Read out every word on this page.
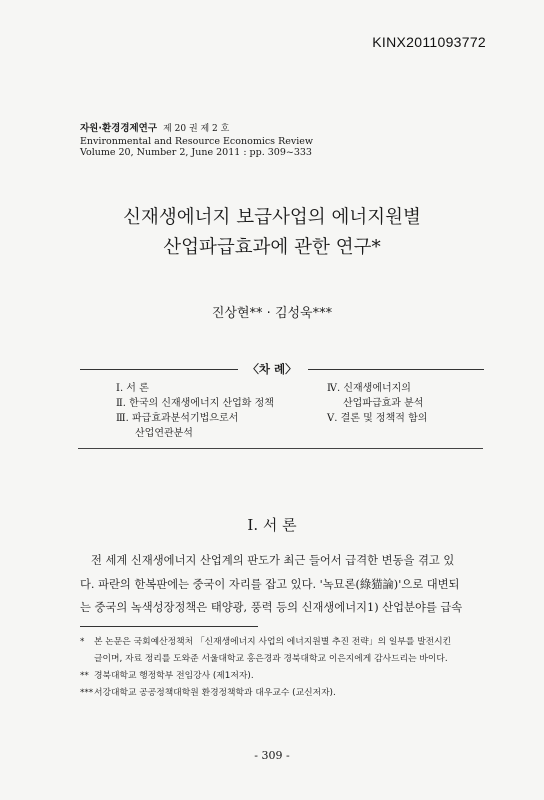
KINX2011093772
자원·환경경제연구 제 20 권 제 2 호
Environmental and Resource Economics Review
Volume 20, Number 2, June 2011 : pp. 309~333
신재생에너지 보급사업의 에너지원별
산업파급효과에 관한 연구*
진상현** · 김성욱***
〈차 례〉
Ⅰ. 서 론
Ⅱ. 한국의 신재생에너지 산업화 정책
Ⅲ. 파급효과분석기법으로서
산업연관분석
Ⅳ. 신재생에너지의
산업파급효과 분석
Ⅴ. 결론 및 정책적 함의
Ⅰ. 서 론

전 세계 신재생에너지 산업계의 판도가 최근 들어서 급격한 변동을 겪고 있

다. 파란의 한복판에는 중국이 자리를 잡고 있다. '녹묘론(綠猫論)'으로 대변되

는 중국의 녹색성장정책은 태양광, 풍력 등의 신재생에너지1) 산업분야를 급속

* 본 논문은 국회예산정책처 「신재생에너지 사업의 에너지원별 추진 전략」의 일부를 발전시킨
글이며, 자료 정리를 도와준 서울대학교 홍은경과 경북대학교 이은지에게 감사드리는 바이다.
** 경북대학교 행정학부 전임강사 (제1저자).
***서강대학교 공공정책대학원 환경정책학과 대우교수 (교신저자).
- 309 -
